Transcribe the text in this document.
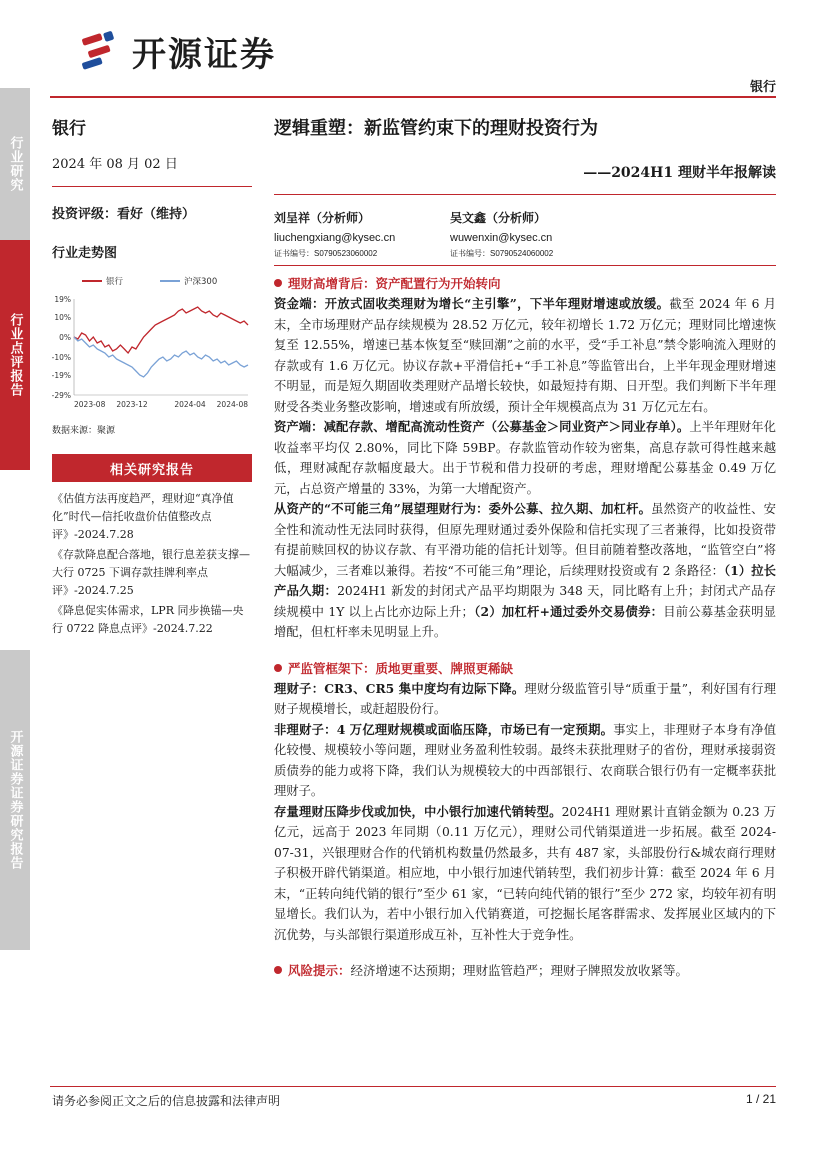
开源证券
银行
行业研究
行业点评报告
开源证券证券研究报告
银行
2024 年 08 月 02 日
投资评级：看好（维持）
行业走势图
银行	沪深300
19%
10%
0%
-10%
-19%
-29%
2023-08 2023-12	2024-04 2024-08
数据来源：聚源
相关研究报告
《估值方法再度趋严，理财迎“真净值化”时代—信托收盘价估值整改点评》-2024.7.28
《存款降息配合落地，银行息差获支撑—大行 0725 下调存款挂牌利率点评》-2024.7.25
《降息促实体需求，LPR 同步换锚—央行 0722 降息点评》-2024.7.22
逻辑重塑：新监管约束下的理财投资行为
——2024H1 理财半年报解读
刘呈祥（分析师）
liuchengxiang@kysec.cn
证书编号：S0790523060002
吴文鑫（分析师）
wuwenxin@kysec.cn
证书编号：S0790524060002
理财高增背后：资产配置行为开始转向

资金端：开放式固收类理财为增长“主引擎”，下半年理财增速或放缓。截至 2024 年 6 月末，全市场理财产品存续规模为 28.52 万亿元，较年初增长 1.72 万亿元；理财同比增速恢复至 12.55%，增速已基本恢复至“赎回潮”之前的水平，受“手工补息”禁令影响流入理财的存款或有 1.6 万亿元。协议存款+平滑信托+“手工补息”等监管出台，上半年现金理财增速不明显，而是短久期固收类理财产品增长较快，如最短持有期、日开型。我们判断下半年理财受各类业务整改影响，增速或有所放缓，预计全年规模高点为 31 万亿元左右。

资产端：减配存款、增配高流动性资产（公募基金＞同业资产＞同业存单）。上半年理财年化收益率平均仅 2.80%，同比下降 59BP。存款监管动作较为密集，高息存款可得性越来越低，理财减配存款幅度最大。出于节税和借力投研的考虑，理财增配公募基金 0.49 万亿元，占总资产增量的 33%，为第一大增配资产。

从资产的“不可能三角”展望理财行为：委外公募、拉久期、加杠杆。虽然资产的收益性、安全性和流动性无法同时获得，但原先理财通过委外保险和信托实现了三者兼得，比如投资带有提前赎回权的协议存款、有平滑功能的信托计划等。但目前随着整改落地，“监管空白”将大幅减少，三者难以兼得。若按“不可能三角”理论，后续理财投资或有 2 条路径：（1）拉长产品久期：2024H1 新发的封闭式产品平均期限为 348 天，同比略有上升；封闭式产品存续规模中 1Y 以上占比亦边际上升；（2）加杠杆+通过委外交易债券：目前公募基金获明显增配，但杠杆率未见明显上升。

严监管框架下：质地更重要、牌照更稀缺

理财子：CR3、CR5 集中度均有边际下降。理财分级监管引导“质重于量”，利好国有行理财子规模增长，或赶超股份行。

非理财子：4 万亿理财规模或面临压降，市场已有一定预期。事实上，非理财子本身有净值化较慢、规模较小等问题，理财业务盈利性较弱。最终未获批理财子的省份，理财承接弱资质债券的能力或将下降，我们认为规模较大的中西部银行、农商联合银行仍有一定概率获批理财子。

存量理财压降步伐或加快，中小银行加速代销转型。2024H1 理财累计直销金额为 0.23 万亿元，远高于 2023 年同期（0.11 万亿元），理财公司代销渠道进一步拓展。截至 2024-07-31，兴银理财合作的代销机构数量仍然最多，共有 487 家，头部股份行&城农商行理财子积极开辟代销渠道。相应地，中小银行加速代销转型，我们初步计算：截至 2024 年 6 月末，“正转向纯代销的银行”至少 61 家，“已转向纯代销的银行”至少 272 家，均较年初有明显增长。我们认为，若中小银行加入代销赛道，可挖掘长尾客群需求、发挥展业区域内的下沉优势，与头部银行渠道形成互补，互补性大于竞争性。

风险提示：经济增速不达预期；理财监管趋严；理财子牌照发放收紧等。
请务必参阅正文之后的信息披露和法律声明	1 / 21
